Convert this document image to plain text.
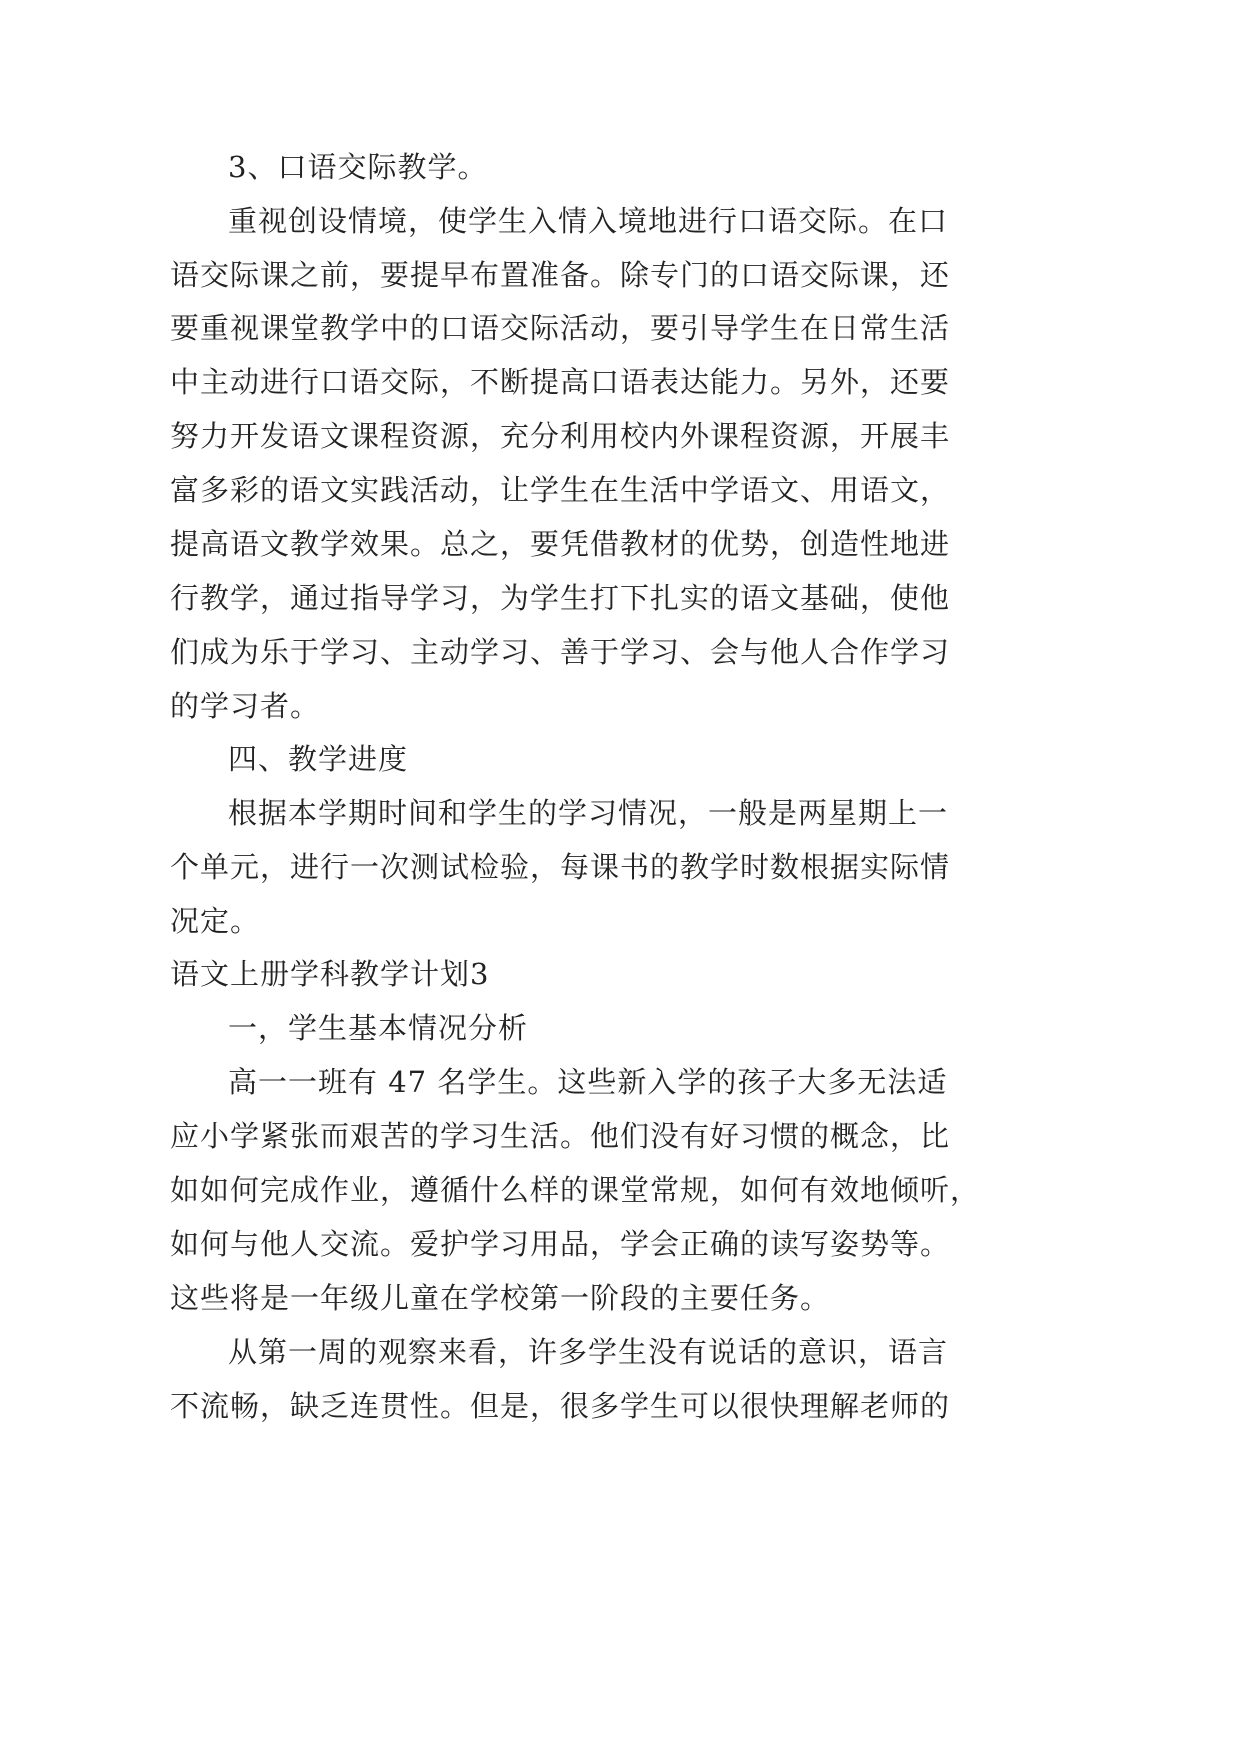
3、口语交际教学。
重视创设情境，使学生入情入境地进行口语交际。在口
语交际课之前，要提早布置准备。除专门的口语交际课，还
要重视课堂教学中的口语交际活动，要引导学生在日常生活
中主动进行口语交际，不断提高口语表达能力。另外，还要
努力开发语文课程资源，充分利用校内外课程资源，开展丰
富多彩的语文实践活动，让学生在生活中学语文、用语文，
提高语文教学效果。总之，要凭借教材的优势，创造性地进
行教学，通过指导学习，为学生打下扎实的语文基础，使他
们成为乐于学习、主动学习、善于学习、会与他人合作学习
的学习者。
四、教学进度
根据本学期时间和学生的学习情况，一般是两星期上一
个单元，进行一次测试检验，每课书的教学时数根据实际情
况定。
语文上册学科教学计划3
一，学生基本情况分析
高一一班有 47 名学生。这些新入学的孩子大多无法适
应小学紧张而艰苦的学习生活。他们没有好习惯的概念，比
如如何完成作业，遵循什么样的课堂常规，如何有效地倾听，
如何与他人交流。爱护学习用品，学会正确的读写姿势等。
这些将是一年级儿童在学校第一阶段的主要任务。
从第一周的观察来看，许多学生没有说话的意识，语言
不流畅，缺乏连贯性。但是，很多学生可以很快理解老师的
